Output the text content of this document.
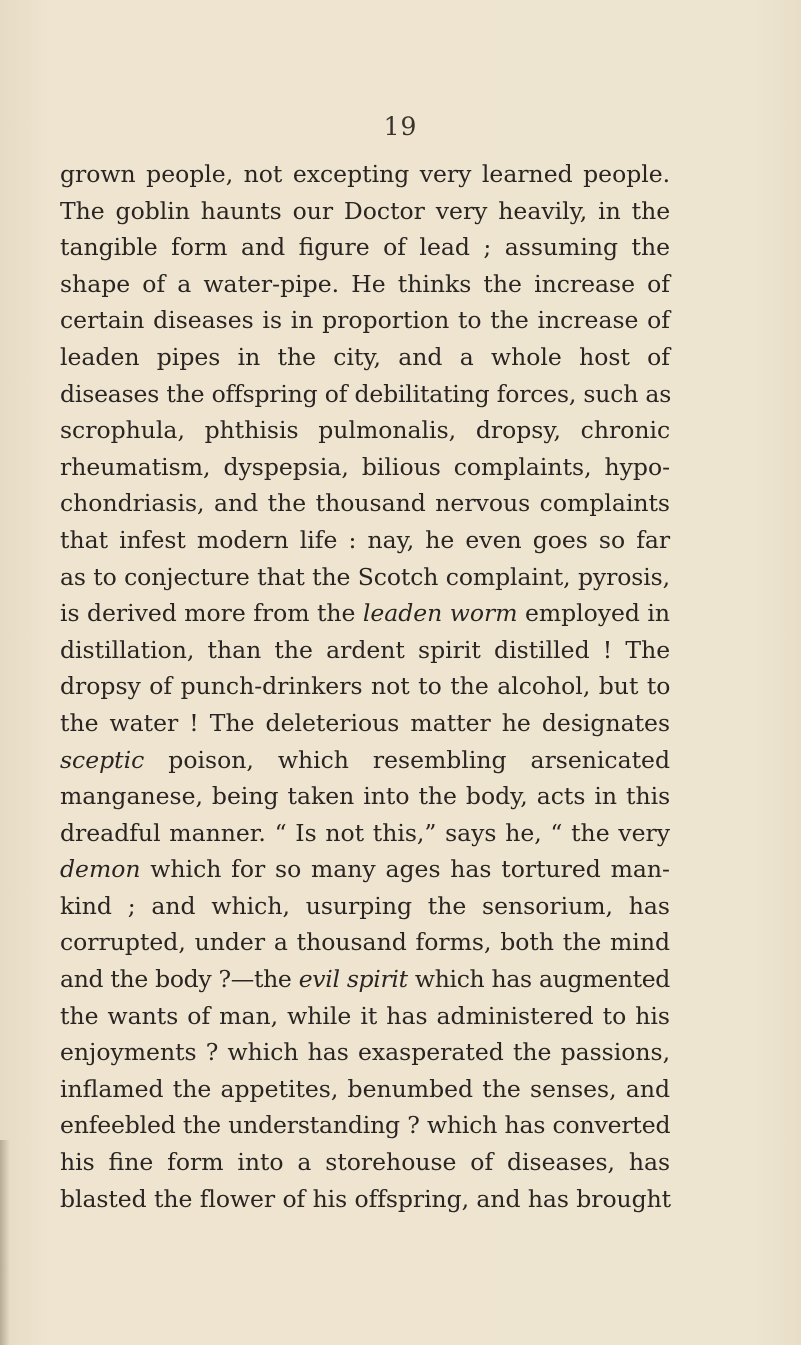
19
grown people, not excepting very learned people.
The goblin haunts our Doctor very heavily, in the
tangible form and figure of lead ; assuming the
shape of a water-pipe. He thinks the increase of
certain diseases is in proportion to the increase of
leaden pipes in the city, and a whole host of
diseases the offspring of debilitating forces, such as
scrophula, phthisis pulmonalis, dropsy, chronic
rheumatism, dyspepsia, bilious complaints, hypo-
chondriasis, and the thousand nervous complaints
that infest modern life : nay, he even goes so far
as to conjecture that the Scotch complaint, pyrosis,
is derived more from the leaden worm employed in
distillation, than the ardent spirit distilled ! The
dropsy of punch-drinkers not to the alcohol, but to
the water ! The deleterious matter he designates
sceptic poison, which resembling arsenicated
manganese, being taken into the body, acts in this
dreadful manner. “ Is not this,” says he, “ the very
demon which for so many ages has tortured man-
kind ; and which, usurping the sensorium, has
corrupted, under a thousand forms, both the mind
and the body ?—the evil spirit which has augmented
the wants of man, while it has administered to his
enjoyments ? which has exasperated the passions,
inflamed the appetites, benumbed the senses, and
enfeebled the understanding ? which has converted
his fine form into a storehouse of diseases, has
blasted the flower of his offspring, and has brought
